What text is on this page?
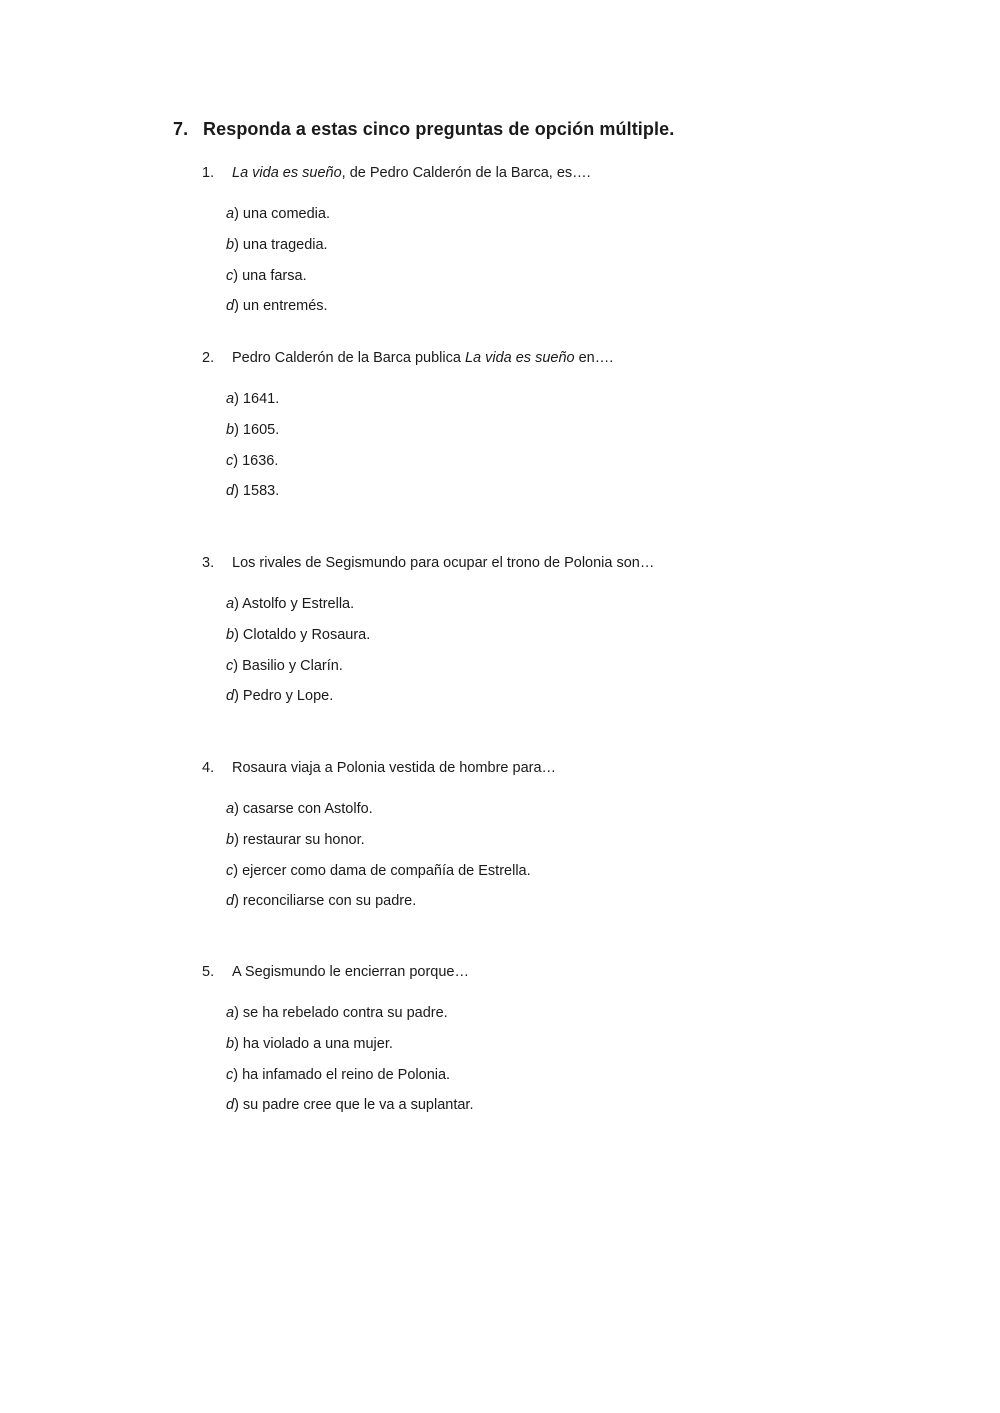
7. Responda a estas cinco preguntas de opción múltiple.
1. La vida es sueño, de Pedro Calderón de la Barca, es….
a) una comedia.
b) una tragedia.
c) una farsa.
d) un entremés.
2. Pedro Calderón de la Barca publica La vida es sueño en….
a) 1641.
b) 1605.
c) 1636.
d) 1583.
3. Los rivales de Segismundo para ocupar el trono de Polonia son…
a) Astolfo y Estrella.
b) Clotaldo y Rosaura.
c) Basilio y Clarín.
d) Pedro y Lope.
4. Rosaura viaja a Polonia vestida de hombre para…
a) casarse con Astolfo.
b) restaurar su honor.
c) ejercer como dama de compañía de Estrella.
d) reconciliarse con su padre.
5. A Segismundo le encierran porque…
a) se ha rebelado contra su padre.
b) ha violado a una mujer.
c) ha infamado el reino de Polonia.
d) su padre cree que le va a suplantar.
